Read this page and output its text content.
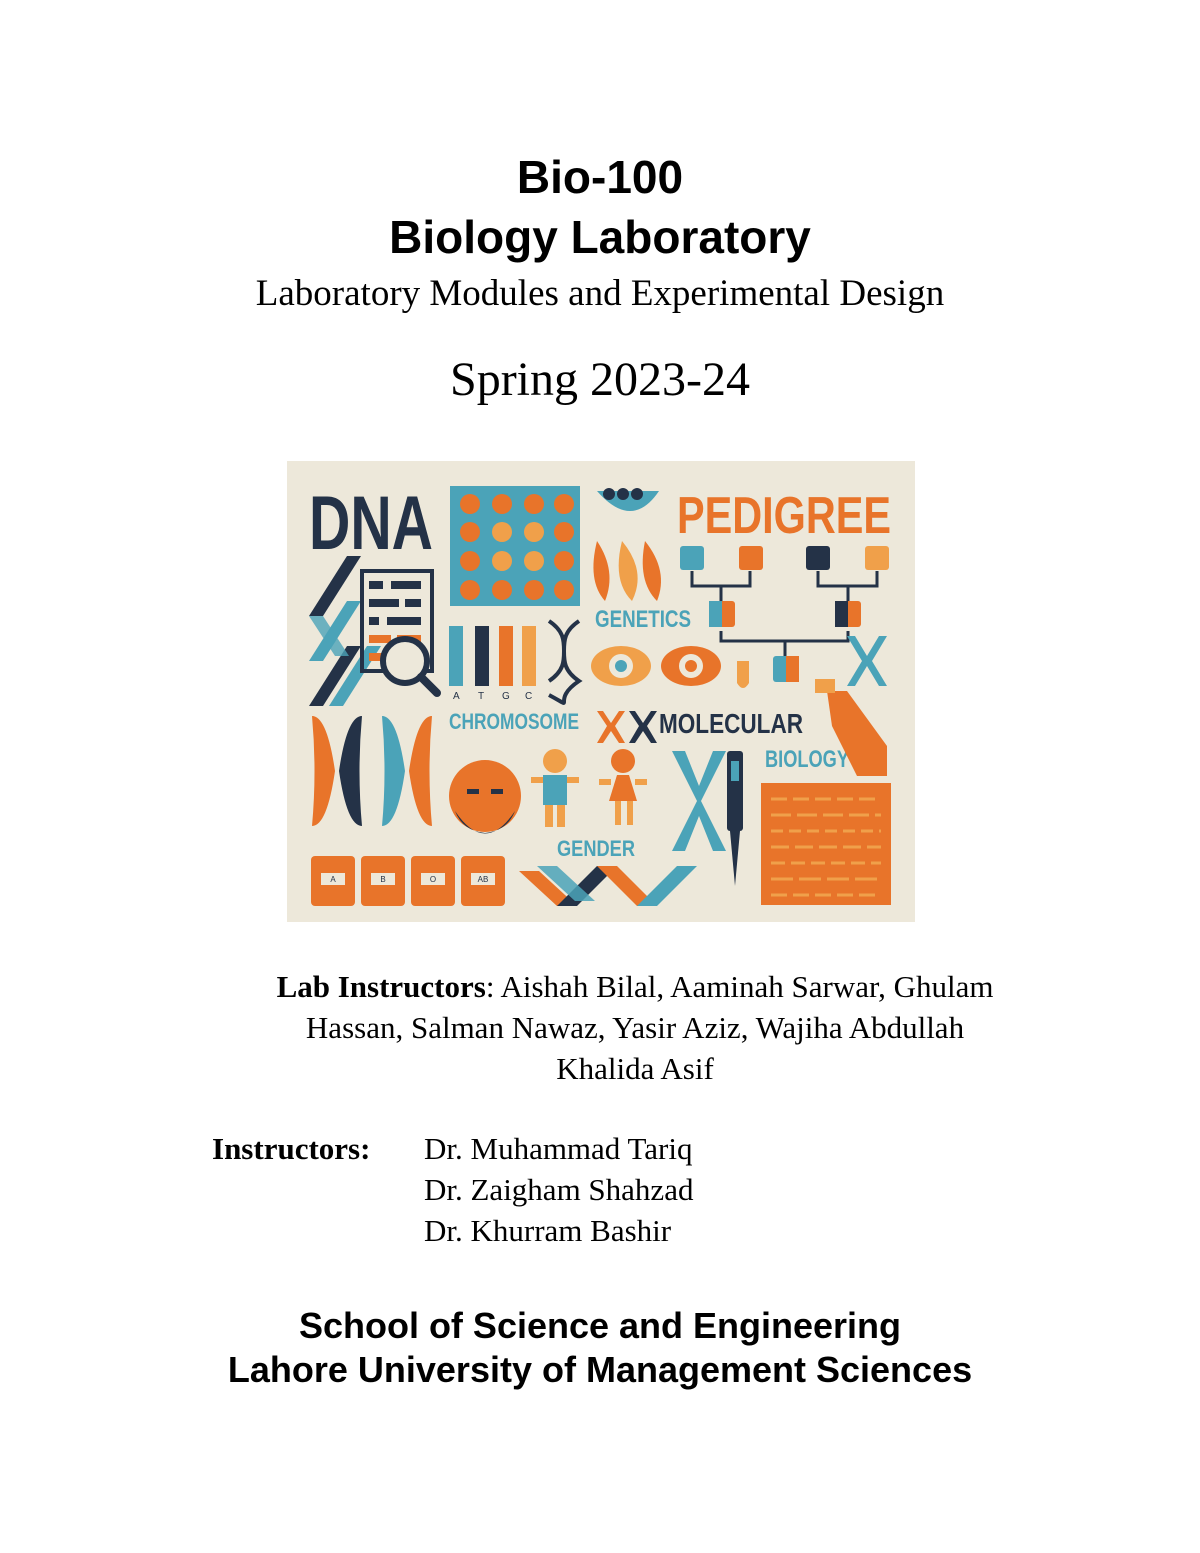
Bio-100
Biology Laboratory
Laboratory Modules and Experimental Design
Spring 2023-24
DNA
A T G C
CHROMOSOME
GENETICS
PEDIGREE
MOLECULAR
BIOLOGY
GENDER
A	B	O	AB
Lab Instructors: Aishah Bilal, Aaminah Sarwar, Ghulam
Hassan, Salman Nawaz, Yasir Aziz, Wajiha Abdullah
Khalida Asif
Instructors: Dr. Muhammad Tariq
Dr. Zaigham Shahzad
Dr. Khurram Bashir
School of Science and Engineering
Lahore University of Management Sciences
